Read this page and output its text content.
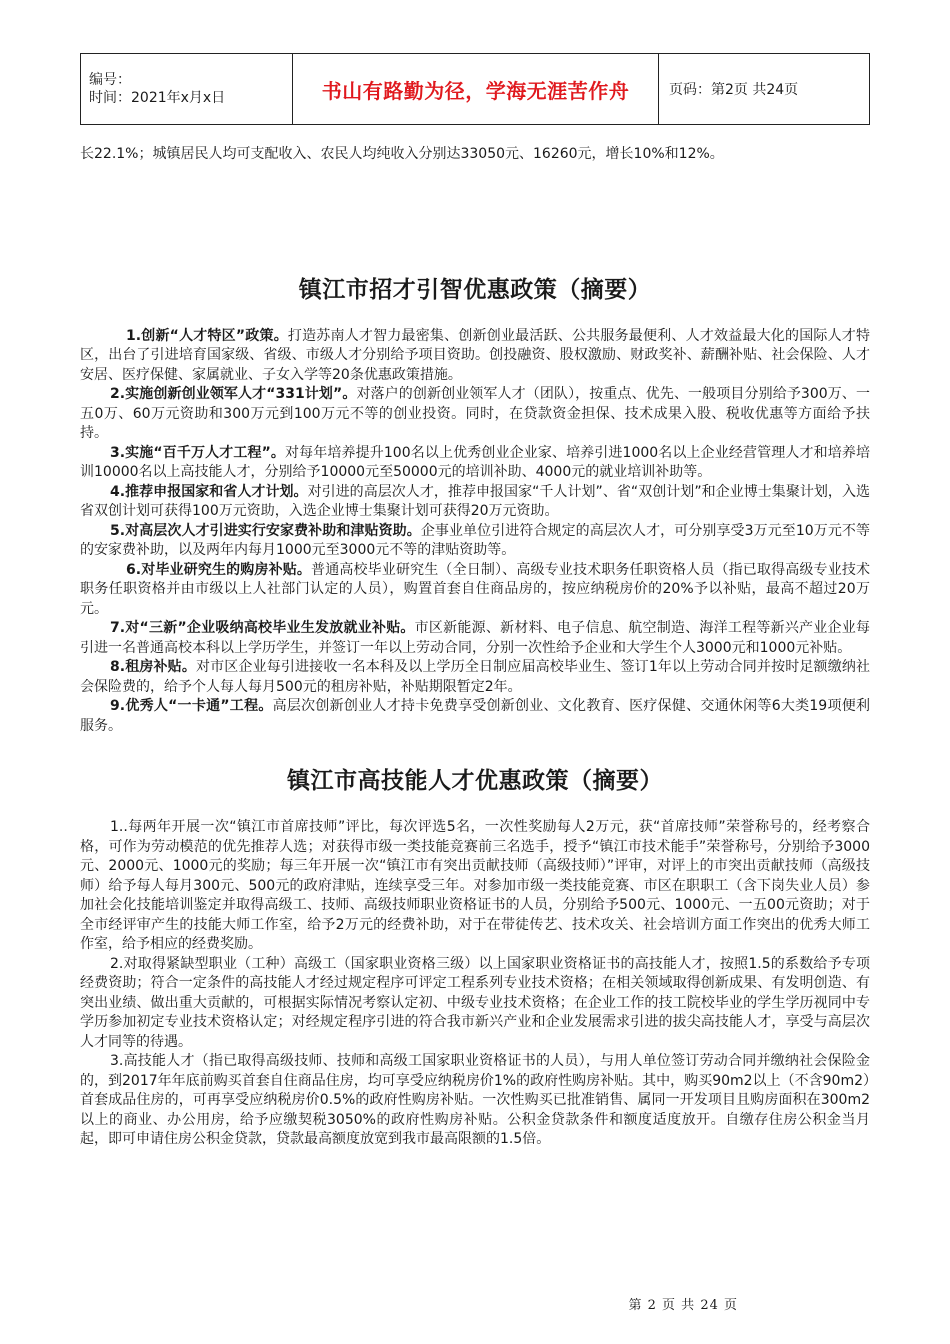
编号：
时间：2021年x月x日	书山有路勤为径，学海无涯苦作舟	页码：第2页 共24页

长22.1%；城镇居民人均可支配收入、农民人均纯收入分别达33050元、16260元，增长10%和12%。

镇江市招才引智优惠政策（摘要）

1.创新“人才特区”政策。打造苏南人才智力最密集、创新创业最活跃、公共服务最便利、人才效益最大化的国际人才特区，出台了引进培育国家级、省级、市级人才分别给予项目资助。创投融资、股权激励、财政奖补、薪酬补贴、社会保险、人才安居、医疗保健、家属就业、子女入学等20条优惠政策措施。

2.实施创新创业领军人才“331计划”。对落户的创新创业领军人才（团队），按重点、优先、一般项目分别给予300万、一五0万、60万元资助和300万元到100万元不等的创业投资。同时，在贷款资金担保、技术成果入股、税收优惠等方面给予扶持。

3.实施“百千万人才工程”。对每年培养提升100名以上优秀创业企业家、培养引进1000名以上企业经营管理人才和培养培训10000名以上高技能人才，分别给予10000元至50000元的培训补助、4000元的就业培训补助等。

4.推荐申报国家和省人才计划。对引进的高层次人才，推荐申报国家“千人计划”、省“双创计划”和企业博士集聚计划，入选省双创计划可获得100万元资助，入选企业博士集聚计划可获得20万元资助。

5.对高层次人才引进实行安家费补助和津贴资助。企事业单位引进符合规定的高层次人才，可分别享受3万元至10万元不等的安家费补助，以及两年内每月1000元至3000元不等的津贴资助等。

6.对毕业研究生的购房补贴。普通高校毕业研究生（全日制）、高级专业技术职务任职资格人员（指已取得高级专业技术职务任职资格并由市级以上人社部门认定的人员），购置首套自住商品房的，按应纳税房价的20%予以补贴，最高不超过20万元。

7.对“三新”企业吸纳高校毕业生发放就业补贴。市区新能源、新材料、电子信息、航空制造、海洋工程等新兴产业企业每引进一名普通高校本科以上学历学生，并签订一年以上劳动合同，分别一次性给予企业和大学生个人3000元和1000元补贴。

8.租房补贴。对市区企业每引进接收一名本科及以上学历全日制应届高校毕业生、签订1年以上劳动合同并按时足额缴纳社会保险费的，给予个人每人每月500元的租房补贴，补贴期限暂定2年。

9.优秀人“一卡通”工程。高层次创新创业人才持卡免费享受创新创业、文化教育、医疗保健、交通休闲等6大类19项便利服务。

镇江市高技能人才优惠政策（摘要）

1..每两年开展一次“镇江市首席技师”评比，每次评选5名，一次性奖励每人2万元，获“首席技师”荣誉称号的，经考察合格，可作为劳动模范的优先推荐人选；对获得市级一类技能竞赛前三名选手，授予“镇江市技术能手”荣誉称号，分别给予3000元、2000元、1000元的奖励；每三年开展一次“镇江市有突出贡献技师（高级技师）”评审，对评上的市突出贡献技师（高级技师）给予每人每月300元、500元的政府津贴，连续享受三年。对参加市级一类技能竞赛、市区在职职工（含下岗失业人员）参加社会化技能培训鉴定并取得高级工、技师、高级技师职业资格证书的人员，分别给予500元、1000元、一五00元资助；对于全市经评审产生的技能大师工作室，给予2万元的经费补助，对于在带徒传艺、技术攻关、社会培训方面工作突出的优秀大师工作室，给予相应的经费奖励。

2.对取得紧缺型职业（工种）高级工（国家职业资格三级）以上国家职业资格证书的高技能人才，按照1.5的系数给予专项经费资助；符合一定条件的高技能人才经过规定程序可评定工程系列专业技术资格；在相关领域取得创新成果、有发明创造、有突出业绩、做出重大贡献的，可根据实际情况考察认定初、中级专业技术资格；在企业工作的技工院校毕业的学生学历视同中专学历参加初定专业技术资格认定；对经规定程序引进的符合我市新兴产业和企业发展需求引进的拔尖高技能人才，享受与高层次人才同等的待遇。

3.高技能人才（指已取得高级技师、技师和高级工国家职业资格证书的人员），与用人单位签订劳动合同并缴纳社会保险金的，到2017年年底前购买首套自住商品住房，均可享受应纳税房价1%的政府性购房补贴。其中，购买90m2以上（不含90m2）首套成品住房的，可再享受应纳税房价0.5%的政府性购房补贴。一次性购买已批准销售、属同一开发项目且购房面积在300m2以上的商业、办公用房，给予应缴契税3050%的政府性购房补贴。公积金贷款条件和额度适度放开。自缴存住房公积金当月起，即可申请住房公积金贷款，贷款最高额度放宽到我市最高限额的1.5倍。

第 2 页 共 24 页
